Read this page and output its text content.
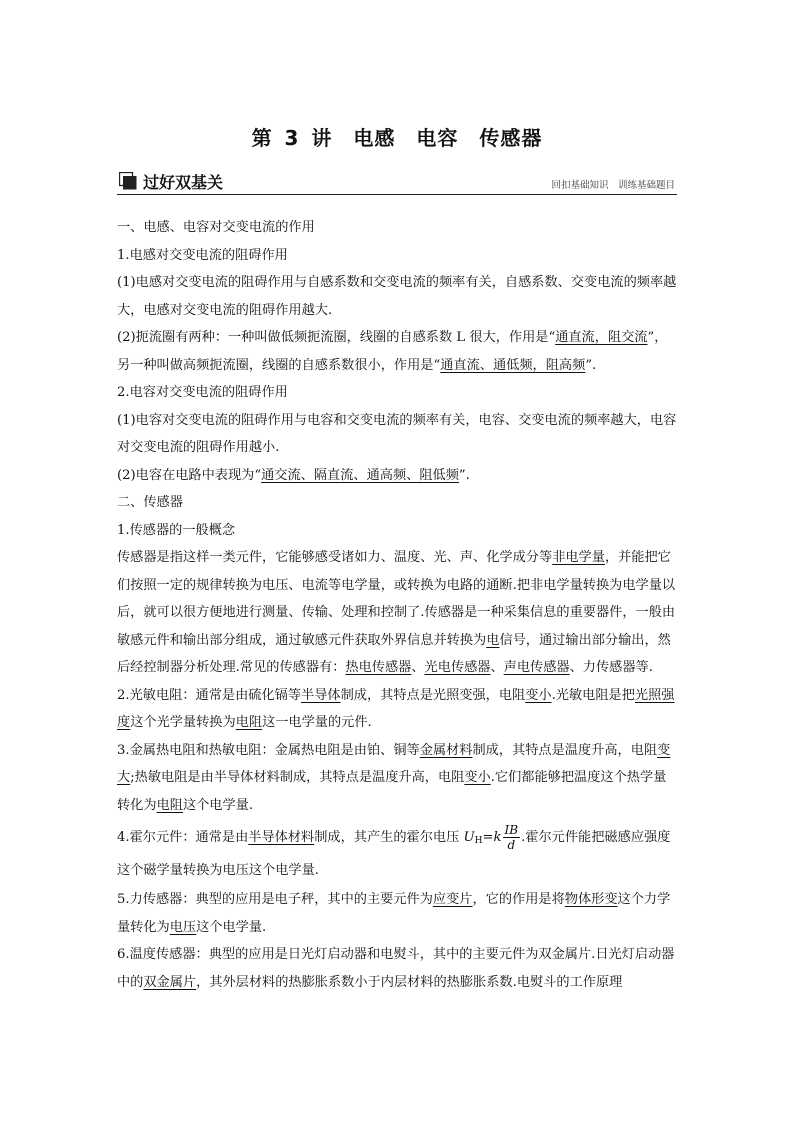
第 3 讲　电感　电容　传感器
过好双基关	回扣基础知识　训练基础题目

一、电感、电容对交变电流的作用

1.电感对交变电流的阻碍作用

(1)电感对交变电流的阻碍作用与自感系数和交变电流的频率有关，自感系数、交变电流的频率越大，电感对交变电流的阻碍作用越大.

(2)扼流圈有两种：一种叫做低频扼流圈，线圈的自感系数 L 很大，作用是“通直流，阻交流”，另一种叫做高频扼流圈，线圈的自感系数很小，作用是“通直流、通低频，阻高频”.

2.电容对交变电流的阻碍作用

(1)电容对交变电流的阻碍作用与电容和交变电流的频率有关，电容、交变电流的频率越大，电容对交变电流的阻碍作用越小.

(2)电容在电路中表现为“通交流、隔直流、通高频、阻低频”.

二、传感器

1.传感器的一般概念

传感器是指这样一类元件，它能够感受诸如力、温度、光、声、化学成分等非电学量，并能把它们按照一定的规律转换为电压、电流等电学量，或转换为电路的通断.把非电学量转换为电学量以后，就可以很方便地进行测量、传输、处理和控制了.传感器是一种采集信息的重要器件，一般由敏感元件和输出部分组成，通过敏感元件获取外界信息并转换为电信号，通过输出部分输出，然后经控制器分析处理.常见的传感器有：热电传感器、光电传感器、声电传感器、力传感器等.

2.光敏电阻：通常是由硫化镉等半导体制成，其特点是光照变强，电阻变小.光敏电阻是把光照强度这个光学量转换为电阻这一电学量的元件.

3.金属热电阻和热敏电阻：金属热电阻是由铂、铜等金属材料制成，其特点是温度升高，电阻变大;热敏电阻是由半导体材料制成，其特点是温度升高，电阻变小.它们都能够把温度这个热学量转化为电阻这个电学量.

4.霍尔元件：通常是由半导体材料制成，其产生的霍尔电压 $U_H=k \frac{IB}{d}$ .霍尔元件能把磁感应强度这个磁学量转换为电压这个电学量.

5.力传感器：典型的应用是电子秤，其中的主要元件为应变片，它的作用是将物体形变这个力学量转化为电压这个电学量.

6.温度传感器：典型的应用是日光灯启动器和电熨斗，其中的主要元件为双金属片.日光灯启动器中的双金属片，其外层材料的热膨胀系数小于内层材料的热膨胀系数.电熨斗的工作原理
